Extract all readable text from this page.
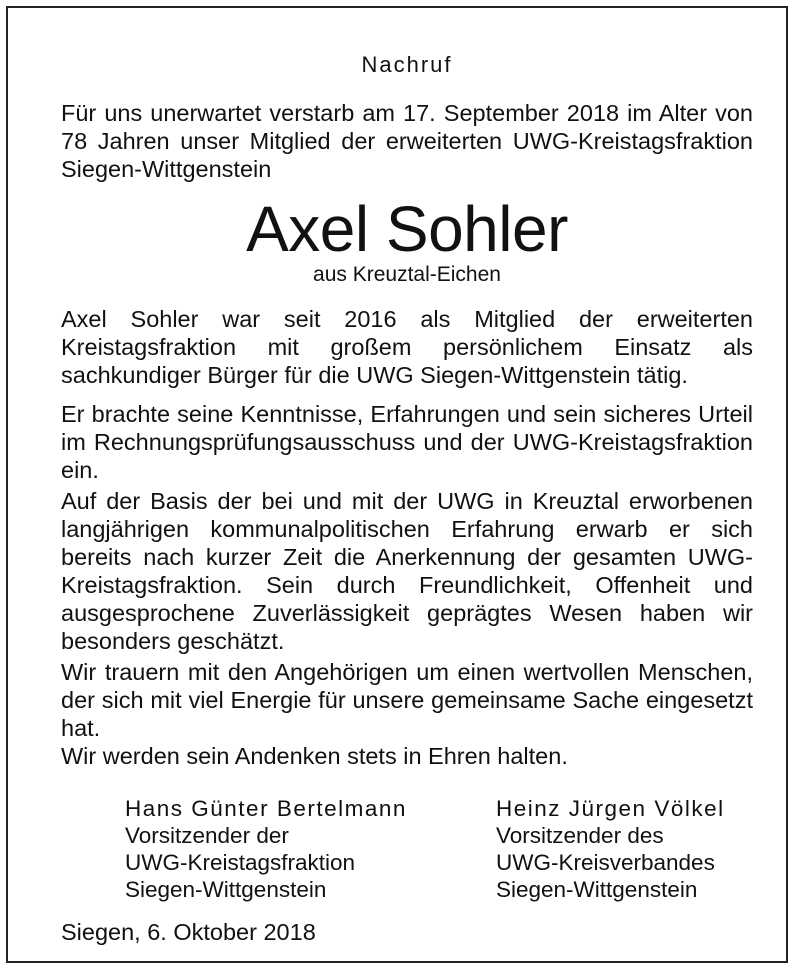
Nachruf

Für uns unerwartet verstarb am 17. September 2018 im Alter von 78 Jahren unser Mitglied der erweiterten UWG-Kreistagsfraktion Siegen-Wittgenstein

Axel Sohler
aus Kreuztal-Eichen

Axel Sohler war seit 2016 als Mitglied der erweiterten Kreistagsfraktion mit großem persönlichem Einsatz als sachkundiger Bürger für die UWG Siegen-Wittgenstein tätig.

Er brachte seine Kenntnisse, Erfahrungen und sein sicheres Urteil im Rechnungsprüfungsausschuss und der UWG-Kreistagsfraktion ein.

Auf der Basis der bei und mit der UWG in Kreuztal erworbenen langjährigen kommunalpolitischen Erfahrung erwarb er sich bereits nach kurzer Zeit die Anerkennung der gesamten UWG-Kreistagsfraktion. Sein durch Freundlichkeit, Offenheit und ausgesprochene Zuverlässigkeit geprägtes Wesen haben wir besonders geschätzt.

Wir trauern mit den Angehörigen um einen wertvollen Menschen, der sich mit viel Energie für unsere gemeinsame Sache eingesetzt hat.

Wir werden sein Andenken stets in Ehren halten.
Hans Günter Bertelmann
Vorsitzender der
UWG-Kreistagsfraktion
Siegen-Wittgenstein
Heinz Jürgen Völkel
Vorsitzender des
UWG-Kreisverbandes
Siegen-Wittgenstein
Siegen, 6. Oktober 2018
